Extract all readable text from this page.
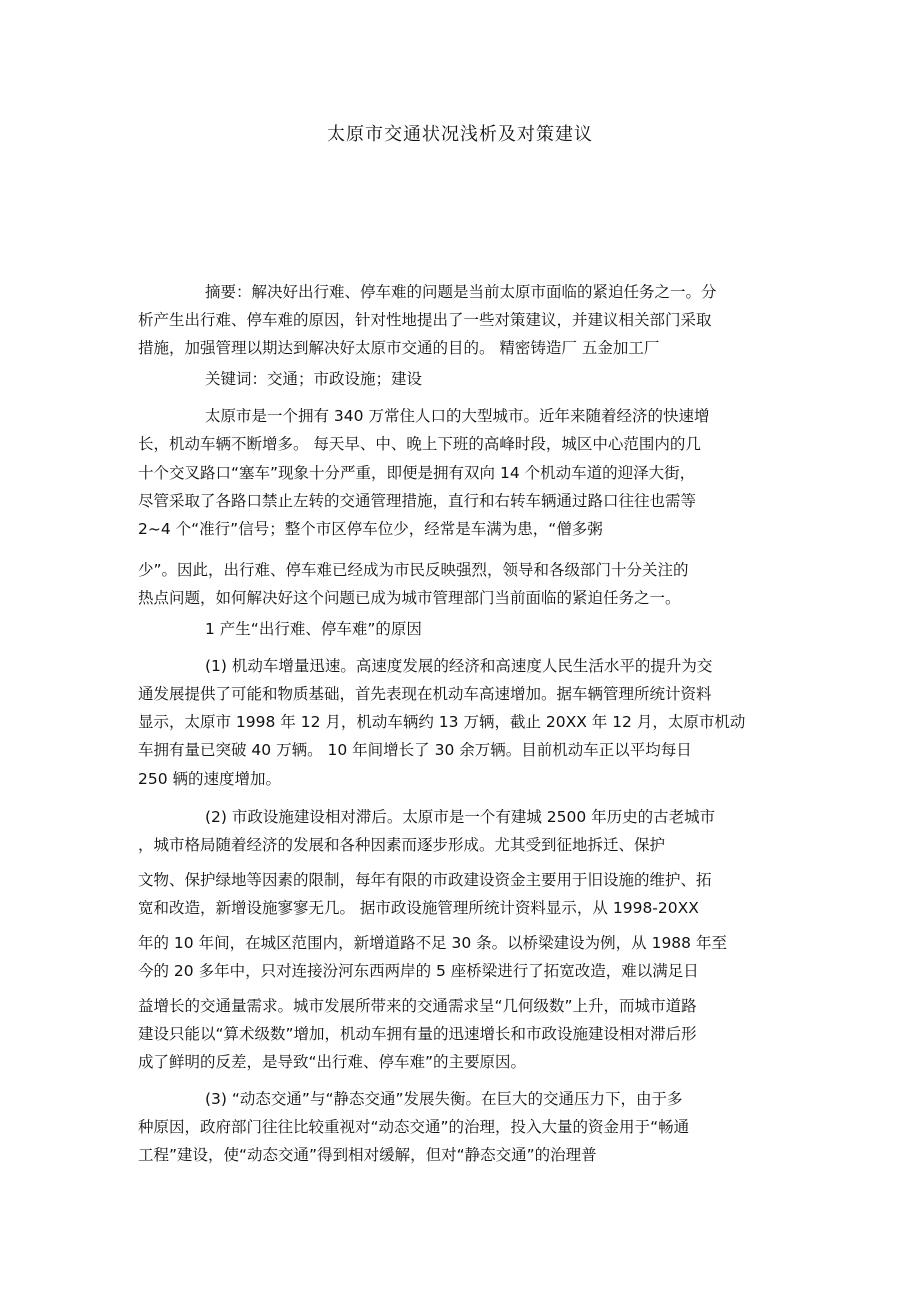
太原市交通状况浅析及对策建议
摘要：解决好出行难、停车难的问题是当前太原市面临的紧迫任务之一。分
析产生出行难、停车难的原因，针对性地提出了一些对策建议，并建议相关部门采取
措施，加强管理以期达到解决好太原市交通的目的。 精密铸造厂 五金加工厂
关键词：交通；市政设施；建设
太原市是一个拥有 340 万常住人口的大型城市。近年来随着经济的快速增
长，机动车辆不断增多。 每天早、中、晚上下班的高峰时段，城区中心范围内的几
十个交叉路口“塞车”现象十分严重，即便是拥有双向 14 个机动车道的迎泽大街，
尽管采取了各路口禁止左转的交通管理措施，直行和右转车辆通过路口往往也需等
2~4 个“准行”信号；整个市区停车位少，经常是车满为患，“僧多粥
少”。因此，出行难、停车难已经成为市民反映强烈，领导和各级部门十分关注的
热点问题，如何解决好这个问题已成为城市管理部门当前面临的紧迫任务之一。
1 产生“出行难、停车难”的原因
(1) 机动车增量迅速。高速度发展的经济和高速度人民生活水平的提升为交
通发展提供了可能和物质基础，首先表现在机动车高速增加。据车辆管理所统计资料
显示，太原市 1998 年 12 月，机动车辆约 13 万辆，截止 20XX 年 12 月，太原市机动
车拥有量已突破 40 万辆。 10 年间增长了 30 余万辆。目前机动车正以平均每日
250 辆的速度增加。
(2) 市政设施建设相对滞后。太原市是一个有建城 2500 年历史的古老城市
，城市格局随着经济的发展和各种因素而逐步形成。尤其受到征地拆迁、保护
文物、保护绿地等因素的限制，每年有限的市政建设资金主要用于旧设施的维护、拓
宽和改造，新增设施寥寥无几。 据市政设施管理所统计资料显示，从 1998-20XX
年的 10 年间，在城区范围内，新增道路不足 30 条。以桥梁建设为例，从 1988 年至
今的 20 多年中，只对连接汾河东西两岸的 5 座桥梁进行了拓宽改造，难以满足日
益增长的交通量需求。城市发展所带来的交通需求呈“几何级数”上升，而城市道路
建设只能以“算术级数”增加，机动车拥有量的迅速增长和市政设施建设相对滞后形
成了鲜明的反差，是导致“出行难、停车难”的主要原因。
(3) “动态交通”与“静态交通”发展失衡。在巨大的交通压力下，由于多
种原因，政府部门往往比较重视对“动态交通”的治理，投入大量的资金用于“畅通
工程”建设，使“动态交通”得到相对缓解，但对“静态交通”的治理普
